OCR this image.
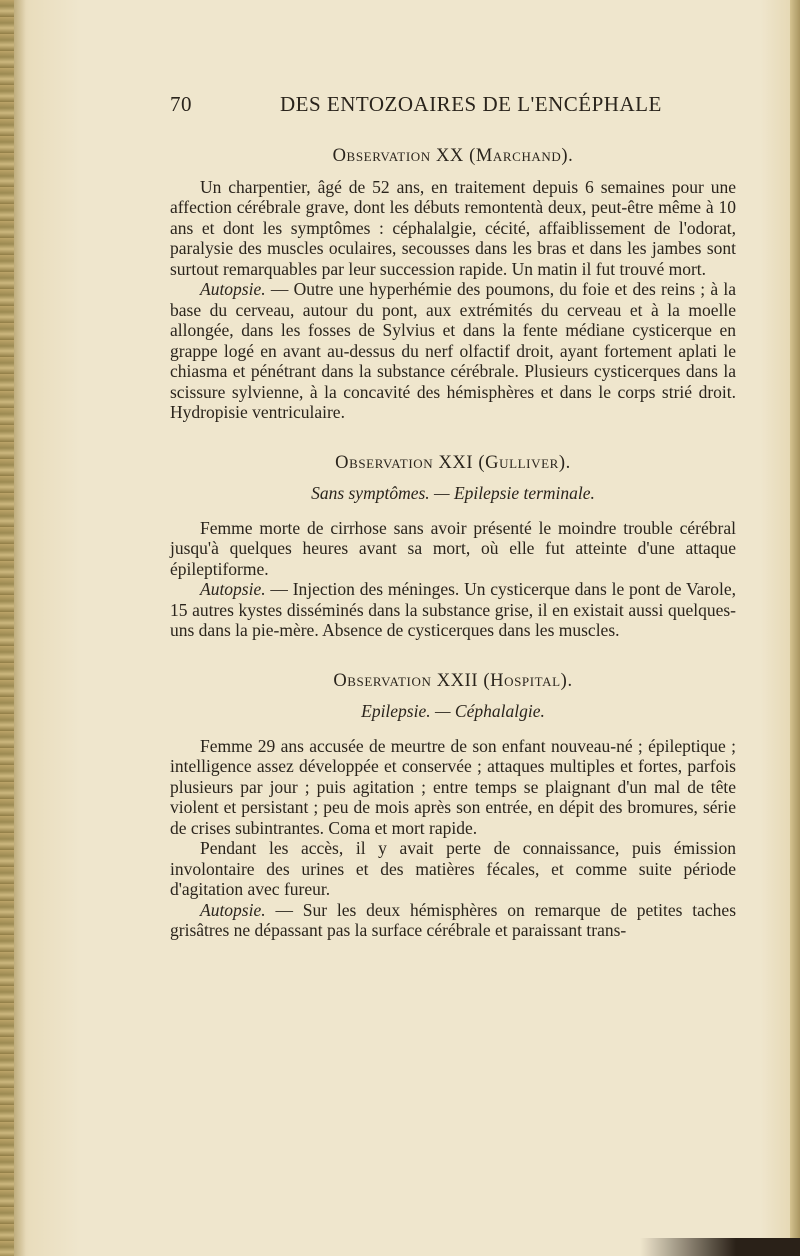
70	DES ENTOZOAIRES DE L'ENCÉPHALE
Observation XX (Marchand).

Un charpentier, âgé de 52 ans, en traitement depuis 6 semaines pour une affection cérébrale grave, dont les débuts remontentà deux, peut-être même à 10 ans et dont les symptômes : céphalalgie, cécité, affaiblissement de l'odorat, paralysie des muscles oculaires, secousses dans les bras et dans les jambes sont surtout remarquables par leur succession rapide. Un matin il fut trouvé mort.

Autopsie. — Outre une hyperhémie des poumons, du foie et des reins ; à la base du cerveau, autour du pont, aux extrémités du cerveau et à la moelle allongée, dans les fosses de Sylvius et dans la fente médiane cysticerque en grappe logé en avant au-dessus du nerf olfactif droit, ayant fortement aplati le chiasma et pénétrant dans la substance cérébrale. Plusieurs cysticerques dans la scissure sylvienne, à la concavité des hémisphères et dans le corps strié droit. Hydropisie ventriculaire.

Observation XXI (Gulliver).
Sans symptômes. — Epilepsie terminale.

Femme morte de cirrhose sans avoir présenté le moindre trouble cérébral jusqu'à quelques heures avant sa mort, où elle fut atteinte d'une attaque épileptiforme.

Autopsie. — Injection des méninges. Un cysticerque dans le pont de Varole, 15 autres kystes disséminés dans la substance grise, il en existait aussi quelques-uns dans la pie-mère. Absence de cysticerques dans les muscles.

Observation XXII (Hospital).
Epilepsie. — Céphalalgie.

Femme 29 ans accusée de meurtre de son enfant nouveau-né ; épileptique ; intelligence assez développée et conservée ; attaques multiples et fortes, parfois plusieurs par jour ; puis agitation ; entre temps se plaignant d'un mal de tête violent et persistant ; peu de mois après son entrée, en dépit des bromures, série de crises subintrantes. Coma et mort rapide.

Pendant les accès, il y avait perte de connaissance, puis émission involontaire des urines et des matières fécales, et comme suite période d'agitation avec fureur.

Autopsie. — Sur les deux hémisphères on remarque de petites taches grisâtres ne dépassant pas la surface cérébrale et paraissant trans-
